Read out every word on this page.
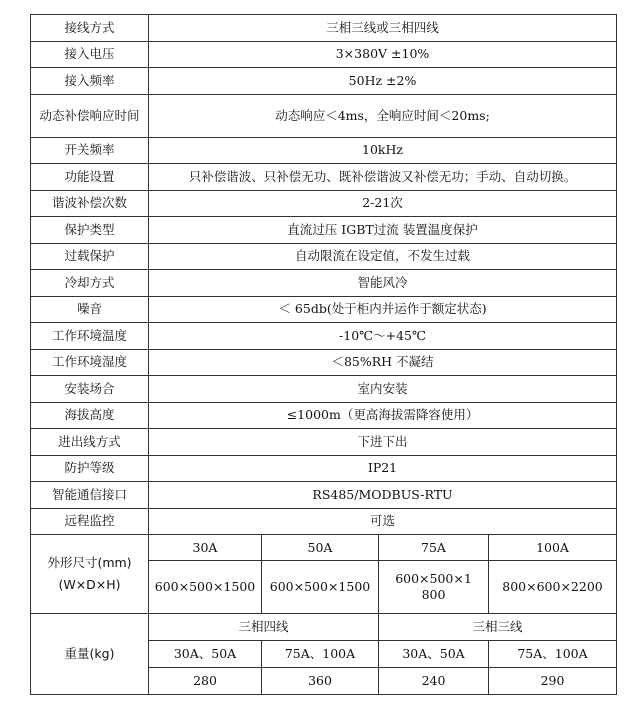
接线方式	三相三线或三相四线			
接入电压	3×380V ±10%			
接入频率	50Hz ±2%			
动态补偿响应时间	动态响应＜4ms，全响应时间＜20ms;			
开关频率	10kHz			
功能设置	只补偿谐波、只补偿无功、既补偿谐波又补偿无功；手动、自动切换。			
谐波补偿次数	2-21次			
保护类型	直流过压 IGBT过流 装置温度保护			
过载保护	自动限流在设定值，不发生过载			
冷却方式	智能风冷			
噪音	＜ 65db(处于柜内并运作于额定状态)			
工作环境温度	-10℃～+45℃			
工作环境湿度	＜85%RH 不凝结			
安装场合	室内安装			
海拔高度	≤1000m（更高海拔需降容使用）			
进出线方式	下进下出			
防护等级	IP21			
智能通信接口	RS485/MODBUS-RTU			
远程监控	可选			

外形尺寸(mm)
(W×D×H)	30A	50A	75A	100A
	600×500×1500	600×500×1500	600×500×1800	800×600×2200
重量(kg)	三相四线		三相三线	
	30A、50A	75A、100A	30A、50A	75A、100A
	280	360	240	290
